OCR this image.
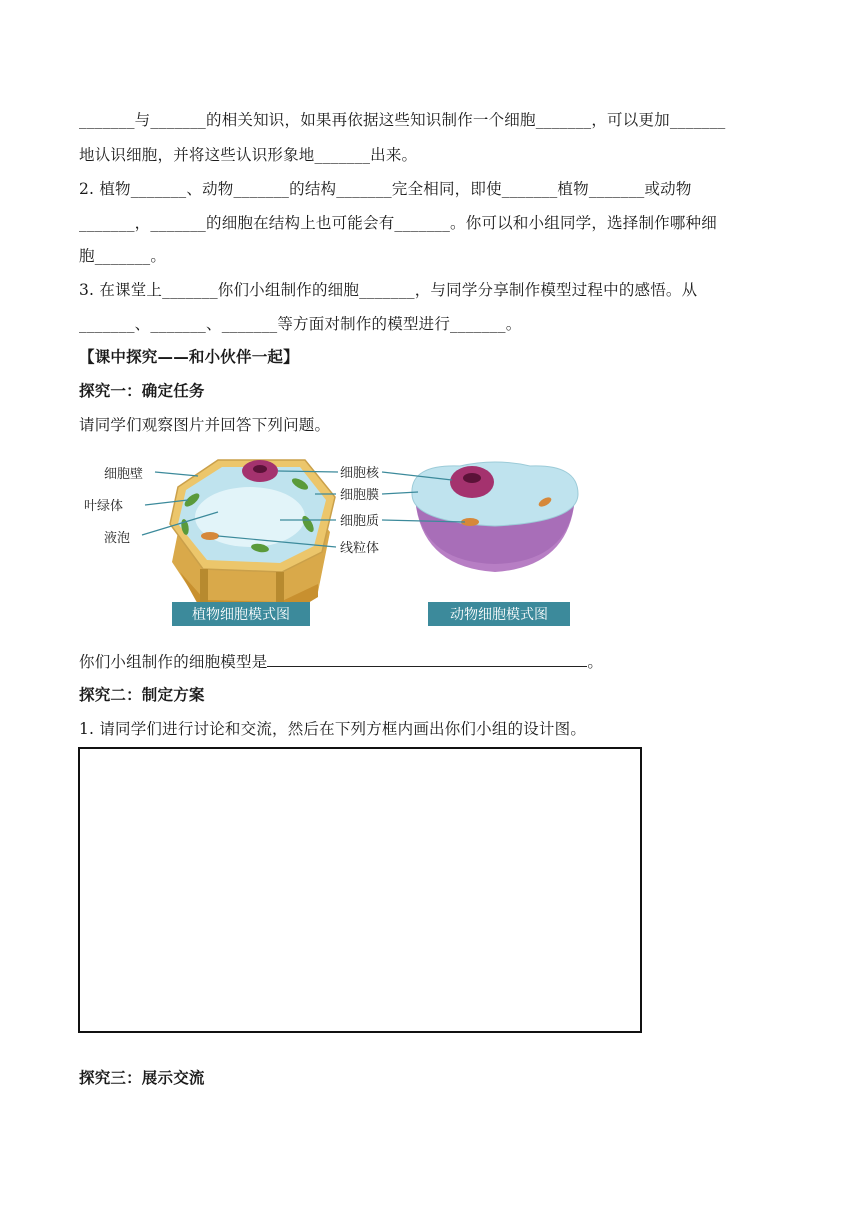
_______与_______的相关知识，如果再依据这些知识制作一个细胞_______，可以更加_______
地认识细胞，并将这些认识形象地_______出来。
2. 植物_______、动物_______的结构_______完全相同，即使_______植物_______或动物
_______，_______的细胞在结构上也可能会有_______。你可以和小组同学，选择制作哪种细
胞_______。
3. 在课堂上_______你们小组制作的细胞_______，与同学分享制作模型过程中的感悟。从
_______、_______、_______等方面对制作的模型进行_______。
【课中探究——和小伙伴一起】
探究一：确定任务
请同学们观察图片并回答下列问题。
细胞壁
叶绿体
液泡
细胞核
细胞膜
细胞质
线粒体
植物细胞模式图	动物细胞模式图
你们小组制作的细胞模型是	。
探究二：制定方案
1. 请同学们进行讨论和交流，然后在下列方框内画出你们小组的设计图。
探究三：展示交流
